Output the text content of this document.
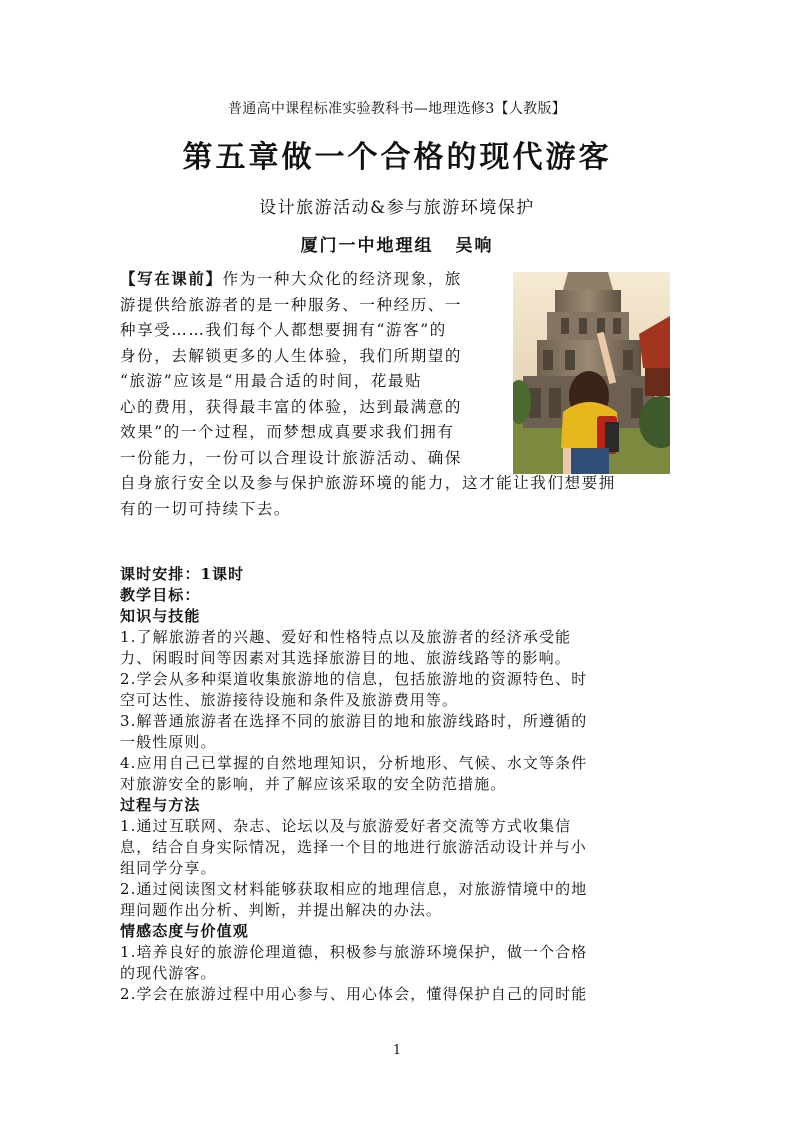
普通高中课程标准实验教科书—地理选修3【人教版】
第五章做一个合格的现代游客
设计旅游活动&参与旅游环境保护
厦门一中地理组 吴响
【写在课前】作为一种大众化的经济现象，旅
游提供给旅游者的是一种服务、一种经历、一
种享受……我们每个人都想要拥有“游客”的
身份，去解锁更多的人生体验，我们所期望的
“旅游”应该是“用最合适的时间，花最贴
心的费用，获得最丰富的体验，达到最满意的
效果”的一个过程，而梦想成真要求我们拥有
一份能力，一份可以合理设计旅游活动、确保
自身旅行安全以及参与保护旅游环境的能力，这才能让我们想要拥
有的一切可持续下去。
课时安排：1课时
教学目标：
知识与技能
1.了解旅游者的兴趣、爱好和性格特点以及旅游者的经济承受能
力、闲暇时间等因素对其选择旅游目的地、旅游线路等的影响。
2.学会从多种渠道收集旅游地的信息，包括旅游地的资源特色、时
空可达性、旅游接待设施和条件及旅游费用等。
3.解普通旅游者在选择不同的旅游目的地和旅游线路时，所遵循的
一般性原则。
4.应用自己已掌握的自然地理知识，分析地形、气候、水文等条件
对旅游安全的影响，并了解应该采取的安全防范措施。
过程与方法
1.通过互联网、杂志、论坛以及与旅游爱好者交流等方式收集信
息，结合自身实际情况，选择一个目的地进行旅游活动设计并与小
组同学分享。
2.通过阅读图文材料能够获取相应的地理信息，对旅游情境中的地
理问题作出分析、判断，并提出解决的办法。
情感态度与价值观
1.培养良好的旅游伦理道德，积极参与旅游环境保护，做一个合格
的现代游客。
2.学会在旅游过程中用心参与、用心体会，懂得保护自己的同时能
1
